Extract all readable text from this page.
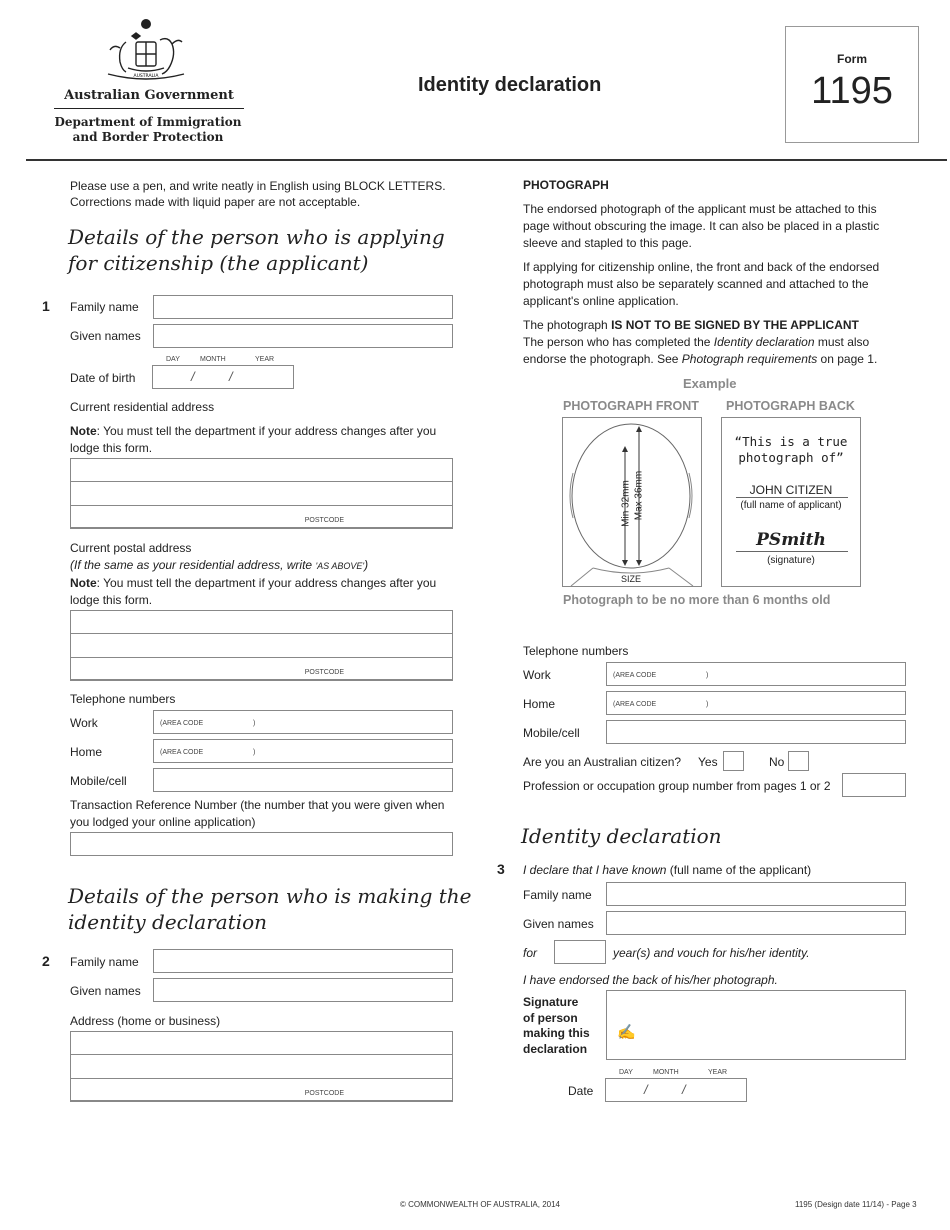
AUSTRALIA
Australian Government
Department of Immigration
and Border Protection
Identity declaration
Form
1195
Please use a pen, and write neatly in English using BLOCK LETTERS.
Corrections made with liquid paper are not acceptable.
Details of the person who is applying
for citizenship (the applicant)
1 Family name
Given names
DAY	MONTH	YEAR
Date of birth	/	/
Current residential address
Note: You must tell the department if your address changes after you
lodge this form.
POSTCODE
Current postal address
(If the same as your residential address, write 'AS ABOVE')
Note: You must tell the department if your address changes after you
lodge this form.
POSTCODE
Telephone numbers
Work	(AREA CODE	)
Home	(AREA CODE	)
Mobile/cell
Transaction Reference Number (the number that you were given when
you lodged your online application)
Details of the person who is making the
identity declaration
2 Family name
Given names
Address (home or business)
POSTCODE
PHOTOGRAPH
The endorsed photograph of the applicant must be attached to this
page without obscuring the image. It can also be placed in a plastic
sleeve and stapled to this page.
If applying for citizenship online, the front and back of the endorsed
photograph must also be separately scanned and attached to the
applicant's online application.
The photograph IS NOT TO BE SIGNED BY THE APPLICANT
The person who has completed the Identity declaration must also
endorse the photograph. See Photograph requirements on page 1.
Example
PHOTOGRAPH FRONT PHOTOGRAPH BACK
Min 32mm Max 36mm
SIZE
“This is a true
photograph of”
JOHN CITIZEN
(full name of applicant)
PSmith
(signature)
Photograph to be no more than 6 months old
Telephone numbers
Work	(AREA CODE	)
Home	(AREA CODE	)
Mobile/cell
Are you an Australian citizen? Yes	No
Profession or occupation group number from pages 1 or 2
Identity declaration
3 I declare that I have known (full name of the applicant)
Family name
Given names
for	year(s) and vouch for his/her identity.
I have endorsed the back of his/her photograph.
Signature
of person
making this
declaration
✍
DAY	MONTH	YEAR
Date	/	/
© COMMONWEALTH OF AUSTRALIA, 2014	1195 (Design date 11/14) - Page 3
